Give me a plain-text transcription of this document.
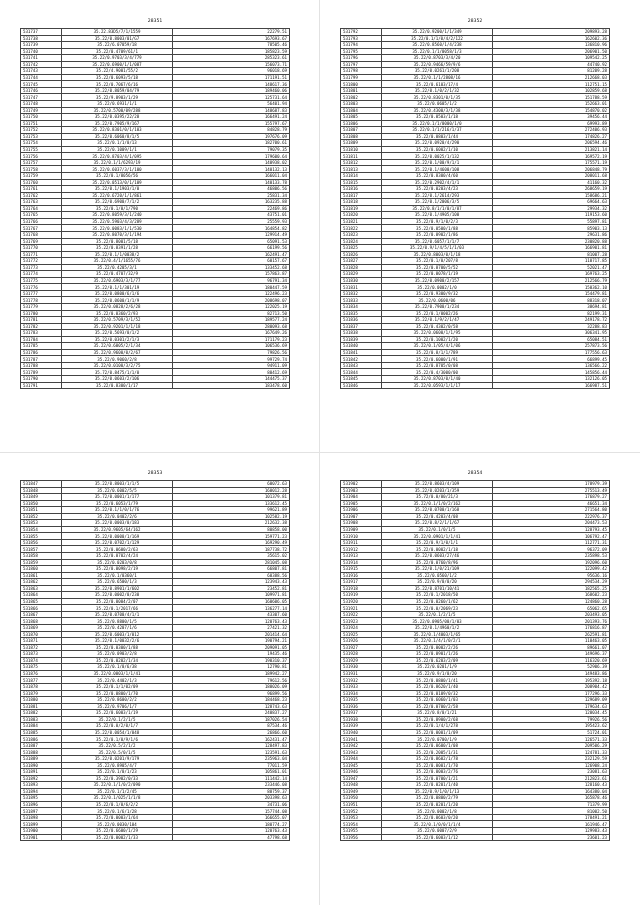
28351
531737	35.22.83D5/7/1/1559	22279.51
531738	35.22/0.8003/01/G7	167693.67
531739	35.22/6.07059/18	78505.46
531740	35.22/0.4709/61/1	185823.59
531741	35.22/0.9703/3/4/779	285323.61
531742	35.22/0.6900/1/1/087	156073.71
531743	35.22/4.9001/55/2	96018.69
531744	35.22/0.6093/5/18	171191.51
531745	35.22/0.7067/6/16	148617.36
531746	35.22/0.8059/04/79	189460.06
531747	35.22/9.8903/1/29	125731.64
531748	35.22/0.6931/1/1	56401.94
531749	35.22/0.5700/09/288	148687.83
531750	35.22/0.0395/22/28	166491.24
531751	35.22/0.7905/9/167	155797.67
531752	35.22/0.8301/0/1/103	84828.79
531753	35.22/0.6060/8/1/5	197676.09
531754	35.22/0.1/1/0/13	182700.61
531755	35.22/0.1009/1/1	79079.35
531756	35.22/0.8703/4/1/095	179600.64
531757	35.22/0.1/1/6293/19	140938.02
531758	35.22/0.6037/3/1/100	140132.13
531759	35.22/0.1/0056/56	166011.04
531760	35.22/0.0513/0/1/109	140133.78
531761	35.22/0.1/1903/1/0	46806.56
531762	35.22/0.6720/1/1/861	25831.34
531763	35.22/0.6900/7/1/2	163235.88
531764	35.22/0.1/0/1/790	22469.86
531765	35.22/0.8059/3/1/240	43751.01
531766	35.22/0.5903/4/3/289	25559.93
531767	35.22/0.0083/1/1/530	164854.82
531768	35.22/0.8070/3/1/194	129914.49
531769	35.22/0.8001/5/18	65091.53
531770	35.22/0.8391/1/28	66199.56
531771	35.22/0.1/1/0038/2	162491.47
531772	35.22/0.4/1/1655/76	60157.67
531773	35.22/0.4205/3/1	133452.68
531774	35.22/0.4707/32/9	157863.87
531775	35.22/0.6903/3/1/77	96791.34
531776	35.22/0.1/1/301/19	180447.59
531777	35.22/0.0800/6/1/6	122496.23
531778	35.22/0.0600/1/1/9	208698.07
531779	35.22/0.0828/2/6/28	122025.19
531780	35.22/0.0360/2/93	82713.50
531781	35.22/0.5709/3/1/52	189577.24
531782	35.22/0.9201/1/1/18	280093.68
531783	35.22/0.5693/0/1/2	167649.26
531784	35.22/0.0301/2/1/3	171179.23
531785	35.22/0.6005/2/1/34	106536.69
531786	35.22/0.9600/0/2/67	79826.56
531787	35.22/0.9060/2/8	99729.74
531788	35.22/0.0100/3/2/75	94911.09
531789	35.72/0.8475/1/1/0	80412.69
531790	35.22/0.0603/2/106	144475.37
531791	35.22/0.8300/1/17	183478.60
28352
531792	35.22/0.9200/1/1/349	209893.28
531793	35.22/0.1/1/0/4/2/122	162602.36
531794	35.22/0.8560/1/4/238	136810.96
531795	35.22/0.1/1/0058/1/3	206901.50
531796	35.22/0.8703/3/4/20	109542.25
531797	35.22/0.9466/59/9/6	44740.92
531798	35.22/0.0261/1/208	81209.28
531799	35.22/0.1/1/2808/16	212668.03
531800	35.22/0.6103/17/4	112751.15
531801	35.22/0.1/0/2/1/32	102859.68
531802	35.22/0.8301/0/1/35	151788.59
531803	35.22/0.0605/1/2	152663.01
531804	35.22/0.4300/3/1/38	154870.02
531805	35.22/0.0503/1/18	39456.44
531806	35.22/0.1/1/0000/1/0	69993.89
531807	35.22/0.1/1/216/1/37	272406.93
531808	35.22/0.0803/1/44	174826.27
531809	35.22/0.0920/4/290	206594.46
531810	35.22/0.6002/1/10	213821.14
531811	35.22/0.0025/1/132	169572.19
531812	35.22/0.1/00/9/1/1	175571.19
531813	35.22/0.1/4600/108	206848.79
531814	35.22/0.8300/4/60	208011.68
531815	35.22/0.2902/4/1/1	41160.32
531816	35.22/0.0203/4/23	268659.19
531817	35.22/0.1/2614/293	158686.21
531818	35.22/0.1/2006/3/5	69664.63
531819	35.22/0.8/1/1/0/1/87	29934.32
531820	35.22/0.1/4905/100	119153.60
531821	35.22/0.9/1/0/2/3	55897.81
531822	35.22/0.0500/1/88	85903.13
531823	35.22/0.0902/1/86	29631.86
531824	35.22/0.6057/1/1/7	230820.88
531825	35.22/0.9/1/4/5/1/1/03	166901.81
531826	35.22/0.8003/0/1/18	81007.28
531827	35.22/0.1/0/207/8	110717.85
531828	35.22/0.8700/5/52	52021.47
531829	35.22/0.0078/1/19	169763.25
531830	35.22/0.0900/2/157	212566.79
531831	35.22/0.0002/1/0	150362.10
531832	35.22/0.9300/9/32	154479.81
531833	35.22/0.0600/06	88318.07
531834	35.22/0.7900/1/234	38694.81
531835	35.22/0.1/0002/26	82199.31
531836	35.22/0.1/9/2/1/47	249178.72
531837	35.22/0.4302/0/58	32288.83
531838	35.22/0.0600/1/1/95	306341.95
531839	35.22/0.1002/1/20	65084.51
531840	35.22/0.1/05/4/1/06	257873.56
531841	35.22/0.8/1/1/789	177556.63
531842	35.22/0.6000/1/91	66899.45
531843	35.22/0.8705/0/08	136566.22
531844	35.22/0.4/3000/00	145856.44
531845	35.22/0.8703/0/1/40	132126.05
531846	35.22/0.0593/1/1/17	166987.51
28353
531847	35.22/0.8003/1/1/5	60072.63
531848	35.22/0.6002/5/5	160012.28
531849	35.72/0.0001/1/177	101379.81
531850	35.22/0.6053/1/79	133612.45
531851	35.22/0.1/1/0/1/76	99621.89
531852	35.22/0.0402/2/6	102582.19
531853	35.22/0.0003/0/183	212632.38
531854	35.22/0.9605/64/162	80858.00
531855	35.22/0.0000/1/169	159771.23
531856	35.22/0.0702/1/129	169290.49
531857	35.22/0.0600/2/63	187738.72
531858	35.22/0.0702/4/24	35615.02
531859	35.22/0.0203/0/8	281045.08
531860	35.22/0.0098/2/19	66807.81
531861	35.22/0.1/0360/1	60388.56
531862	35.22/0.6500/1/3	123943.43
531863	35.22/0.8901/1/602	23452.81
531864	35.22/0.0002/0/230	109971.81
531865	35.22/0.0004/2/07	160606.05
531866	35.22/0.1/2017/66	136277.14
531867	35.22/0.0700/4/1/1	43307.60
531868	35.22/0.8800/1/5	120763.43
531869	35.22/0.4207/1/6	27421.32
531870	35.22/0.6003/1/012	201414.64
531871	35.22/0.1/0032/2/6	190794.21
531872	35.22/0.0300/1/88	209091.05
531873	35.22/0.0903/2/8	19435.46
531874	35.22/0.0202/1/34	190310.37
531875	35.22/0.1/0/6/38	12790.81
531876	35.22/0.0003/1/1/41	189942.27
531877	35.22/0.4402/1/3	79612.56
531878	35.22/0.1/1/02/09	180026.09
531879	35.22/0.0800/1/70	96899.56
531880	35.22/0.8600/2/2	184468.23
531881	35.22/0.9706/1/7	128743.63
531882	35.22/0.6003/1/19	240837.27
531883	35.22/0.1/2/1/5	187026.54
531884	35.22/0.0/2/0/1/7	87534.46
531885	35.22/0.0054/1/048	26866.60
531886	35.22/0.1/0/9/1/6	162431.47
531887	35.22/0.5/2/1/2	128497.83
531888	35.22/0.5/0/1/5	123591.63
531889	35.22/0.0201/9/179	235963.04
531890	35.22/0.8905/4/7	77011.59
531891	35.22/0.1/0/1/23	105861.01
531892	35.22/0.3902/0/33	111442.14
531893	35.22/0.1/1/0/2/090	233446.08
531894	35.22/0.1/1/2/45	88759.37
531895	35.22/0.1/025/1/1/8	203398.63
531896	35.22/0.1/0/6/2/2	34731.06
531897	35.22/0.1/6/1/28	157744.08
531898	35.72/0.0003/1/64	166655.07
531899	35.22/0.0030/104	180774.27
531900	35.22/0.6600/1/29	120763.43
531901	35.22/0.0002/1/33	47798.68
28354
531902	35.22/0.8603/4/109	178979.39
531903	35.22/0.0203/1/359	275513.49
531904	35.72/0.0/00/21/3	176879.27
531905	35.22/0.1/1/0/2/162	46651.34
531906	35.22/0.0700/1/168	271564.80
531907	35.22/0.4203/4/08	222976.37
531908	35.22/0.8/2/1/1/67	204473.53
531909	35.22/0.1/0/1/5	128793.45
531910	35.22/0.0901/1/1/41	106792.47
531911	35.22/0.9/1/0/1/1	112771.31
531912	35.22/0.0002/1/18	96372.09
531913	35.22/0.0603/27/46	235898.53
531914	35.22/0.0760/8/96	192096.60
531915	35.22/0.1/0/21/109	122099.42
531916	35.22/0.0560/1/2	95636.16
531917	35.22/0.9/0/0/20	294534.29
531918	35.22/0.8701/10/41	182565.25
531919	35.22/0.1/2018/50	168602.23
531920	35.22/0.0260/1/62	124860.28
531921	35.22/0.0/2069/23	65062.65
531922	35.22/0.1/2/1/5	203493.05
531923	35.22/0.0905/00/1/03	201393.76
531924	35.22/0.1/4960/1/2	176816.87
531925	35.22/0.1/4003/1/65	262591.81
531926	35.22/0.1/4/1/0/2/1	110463.05
531927	35.22/0.0002/2/26	89661.07
531928	35.22/0.0901/1/26	149696.37
531929	35.22/0.6203/2/09	116320.69
531930	35.22/0.0201/1/9	52906.39
531931	35.22/0.9/1/0/20	149483.86
531932	35.22/0.0800/1/41	195392.18
531933	35.22/0.8620/1/40	208904.42
531934	35.22/0.0109/0/32	177296.33
531935	35.22/0.6060/1/03	129689.09
531936	35.22/0.0700/2/58	179634.63
531937	35.22/0.8/0/1/21	120034.45
531938	35.22/0.8900/2/68	79926.56
531939	35.22/0.1/4/1/278	195423.62
531940	35.22/0.0001/1/09	51724.01
531941	35.22/0.0700/1/9	126571.33
531942	35.22/0.0600/1/08	209506.29
531943	35.22/0.2005/1/31	124781.33
531944	35.22/0.8602/1/78	232129.59
531945	35.22/0.0001/1/70	126908.24
531946	35.22/0.0003/2/76	23081.63
531947	35.22/0.0700/1/21	212823.61
531948	35.22/0.0201/1/40	128160.43
531949	35.22/0.9/1/0/1/13	164380.04
531950	35.22/0.0800/2/79	165878.46
531951	35.22/0.0201/1/20	71379.99
531952	35.22/0.0002/1/8	81002.50
531953	35.22/0.0603/0/20	178491.21
531954	35.22/0.1/0/0/1/1/4	161946.47
531955	35.22/0.0007/2/9	129983.43
531956	35.22/0.6003/1/12	23601.23
